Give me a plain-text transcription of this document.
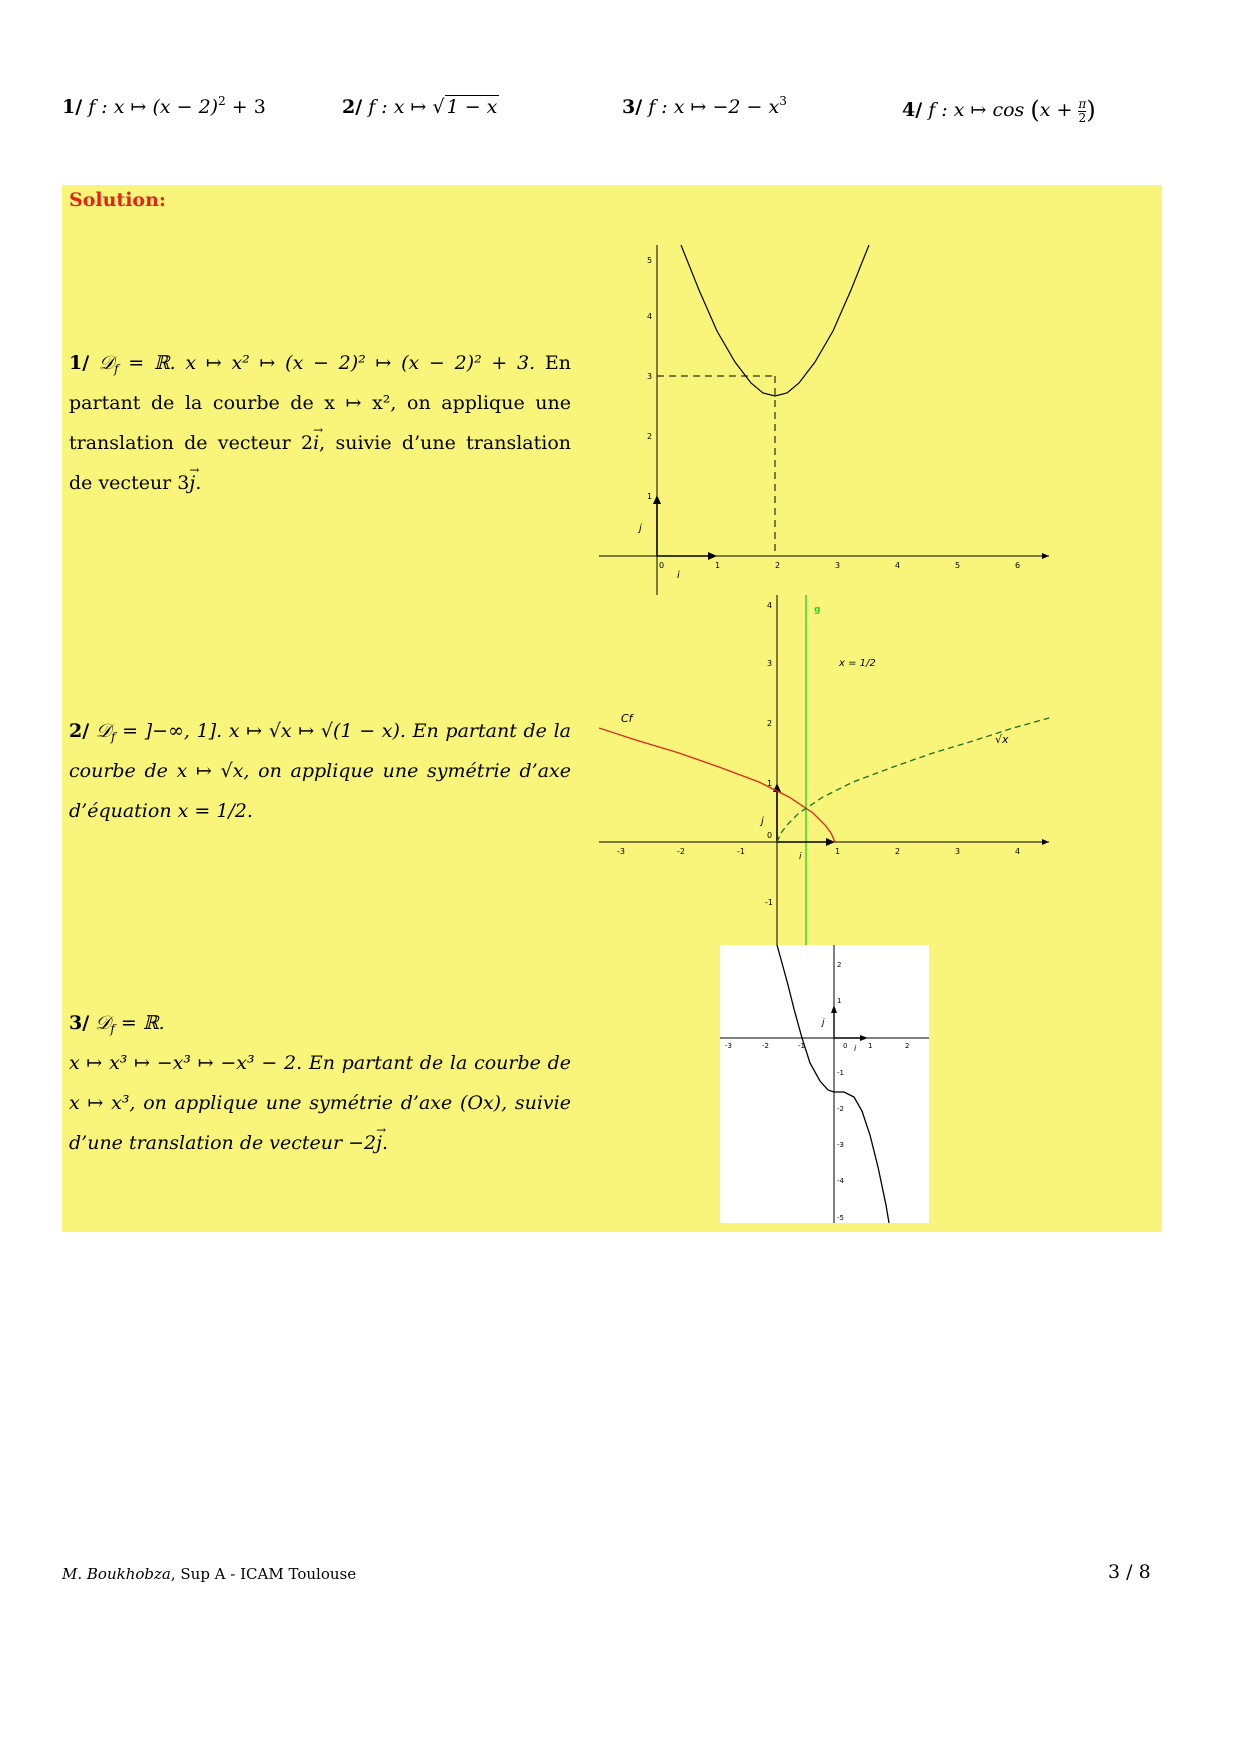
1/ f : x ↦ $(x - 2)^2 + 3$	2/ f : x ↦ √ 1 − x	3/ f : x ↦ $-2 - x^3$	4/ f : x ↦ $\cos (x + \frac{\pi}{2}$ )
Solution:
1/ 𝒟$_f$ = ℝ. x ↦ x² ↦ (x − 2)² ↦ (x − 2)² + 3. En partant de la courbe de x ↦ x², on applique une translation de vecteur 2→ i, suivie d’une translation de vecteur 3→ j.
2/ 𝒟$_f$ = ]−∞, 1]. x ↦ √x ↦ √(1 − x). En partant de la courbe de x ↦ √x, on applique une symétrie d’axe d’équation x = 1/2.
3/ 𝒟$_f$ = ℝ.
x ↦ x³ ↦ −x³ ↦ −x³ − 2. En partant de la courbe de x ↦ x³, on applique une symétrie d’axe (Ox), suivie d’une translation de vecteur −2→ j.
0	1	2	3	4	5	6
1
2
3
4
5
i
j
g
x = 1/2
-3	-2	-1	1	2	3	4
1
2
3
4
-1
0
j
i
Cf
√x
-3	-2	-1	1	2
2
1
-1
-2
-3
-4
-5
0
j
i
M. Boukhobza, Sup A - ICAM Toulouse	3 / 8
